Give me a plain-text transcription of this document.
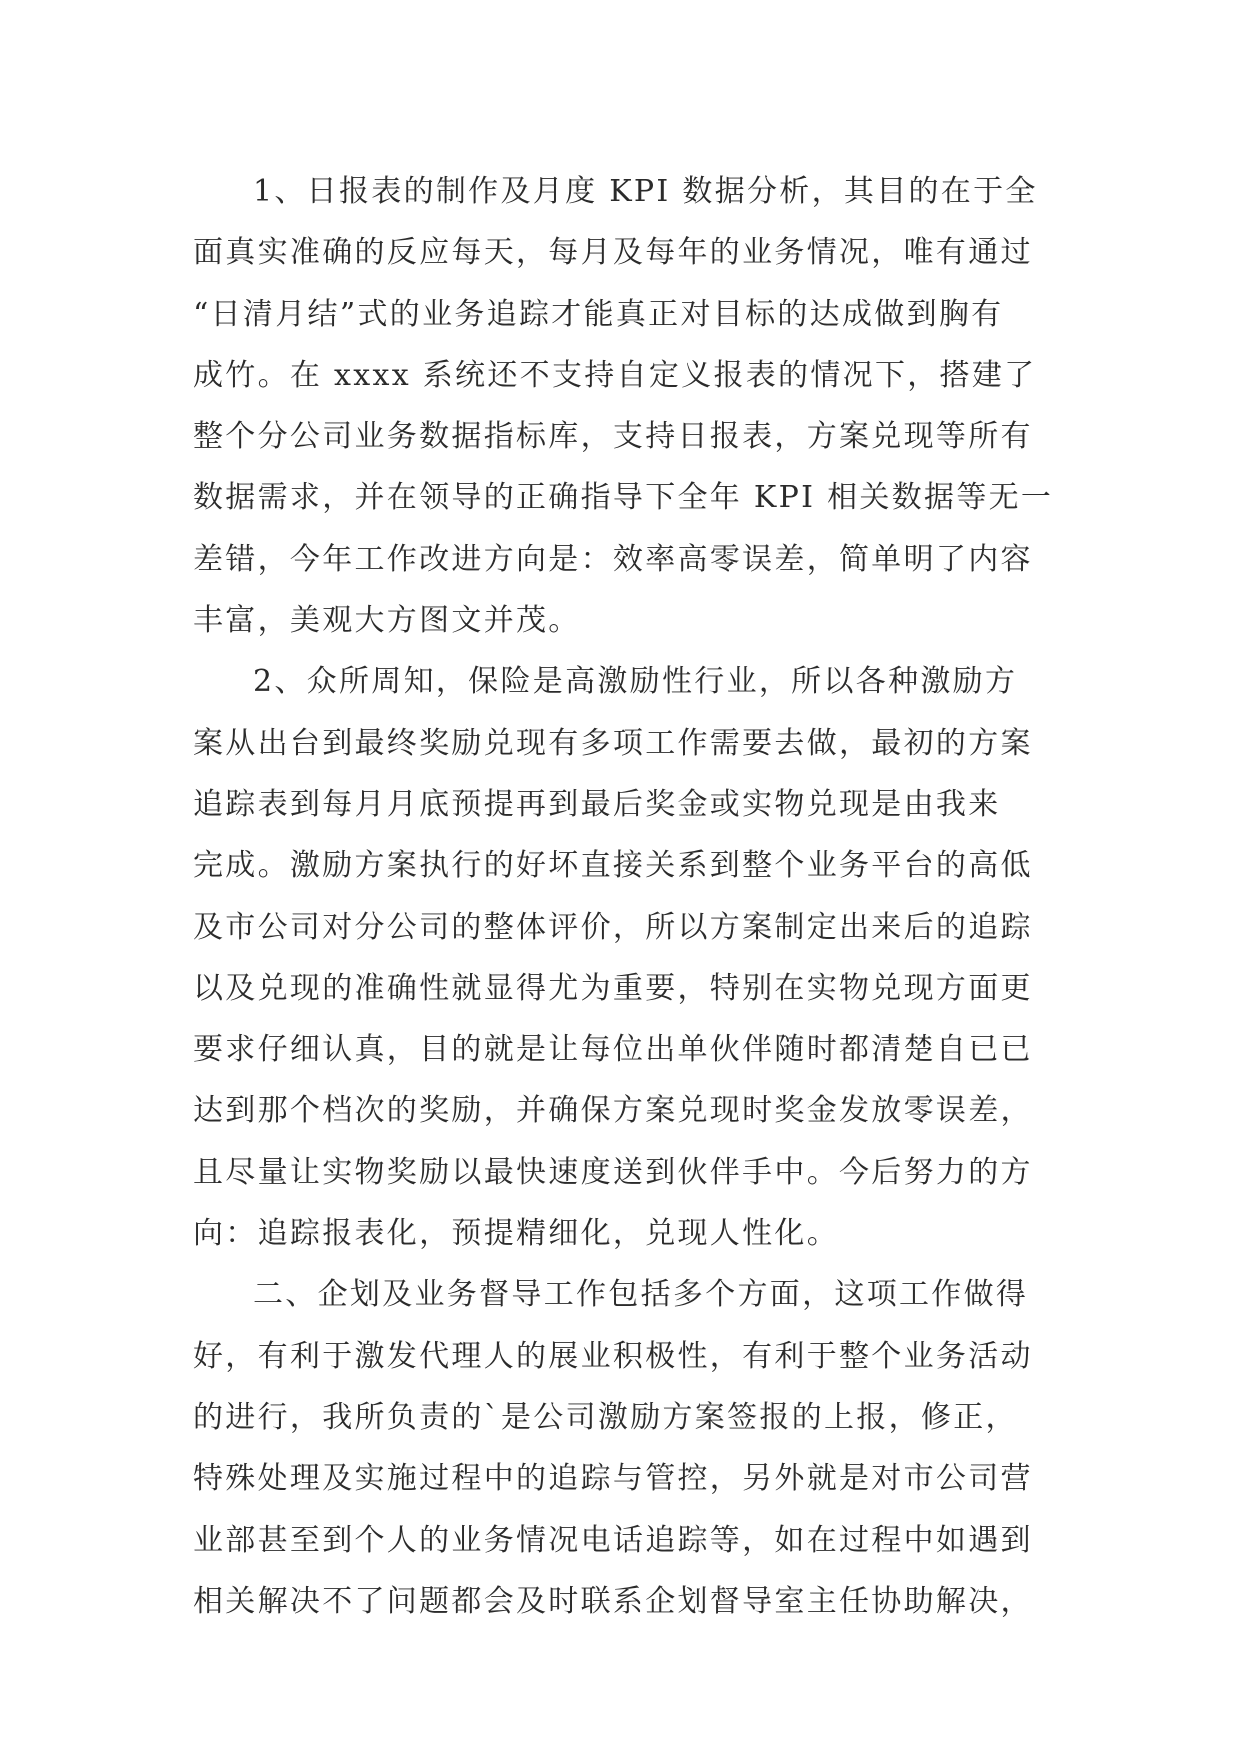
1、日报表的制作及月度 KPI 数据分析，其目的在于全
面真实准确的反应每天，每月及每年的业务情况，唯有通过
“日清月结”式的业务追踪才能真正对目标的达成做到胸有
成竹。在 xxxx 系统还不支持自定义报表的情况下，搭建了
整个分公司业务数据指标库，支持日报表，方案兑现等所有
数据需求，并在领导的正确指导下全年 KPI 相关数据等无一
差错，今年工作改进方向是：效率高零误差，简单明了内容
丰富，美观大方图文并茂。
2、众所周知，保险是高激励性行业，所以各种激励方
案从出台到最终奖励兑现有多项工作需要去做，最初的方案
追踪表到每月月底预提再到最后奖金或实物兑现是由我来
完成。激励方案执行的好坏直接关系到整个业务平台的高低
及市公司对分公司的整体评价，所以方案制定出来后的追踪
以及兑现的准确性就显得尤为重要，特别在实物兑现方面更
要求仔细认真，目的就是让每位出单伙伴随时都清楚自已已
达到那个档次的奖励，并确保方案兑现时奖金发放零误差，
且尽量让实物奖励以最快速度送到伙伴手中。今后努力的方
向：追踪报表化，预提精细化，兑现人性化。
二、企划及业务督导工作包括多个方面，这项工作做得
好，有利于激发代理人的展业积极性，有利于整个业务活动
的进行，我所负责的`是公司激励方案签报的上报，修正，
特殊处理及实施过程中的追踪与管控，另外就是对市公司营
业部甚至到个人的业务情况电话追踪等，如在过程中如遇到
相关解决不了问题都会及时联系企划督导室主任协助解决，
